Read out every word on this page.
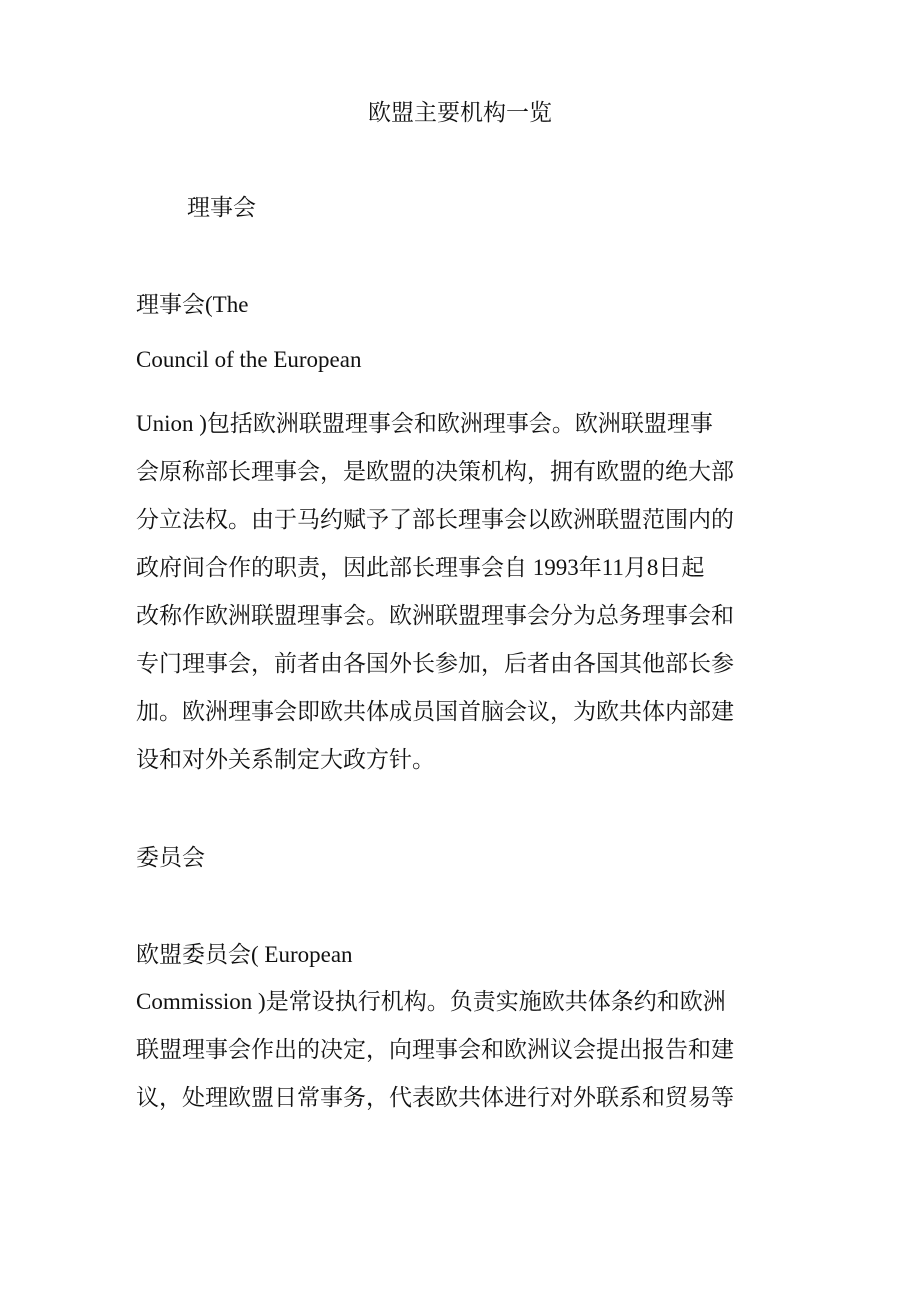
欧盟主要机构一览
理事会
理事会(The
Council of the European
Union )包括欧洲联盟理事会和欧洲理事会。欧洲联盟理事
会原称部长理事会，是欧盟的决策机构，拥有欧盟的绝大部
分立法权。由于马约赋予了部长理事会以欧洲联盟范围内的
政府间合作的职责，因此部长理事会自 1993年11月8日起
改称作欧洲联盟理事会。欧洲联盟理事会分为总务理事会和
专门理事会，前者由各国外长参加，后者由各国其他部长参
加。欧洲理事会即欧共体成员国首脑会议，为欧共体内部建
设和对外关系制定大政方针。
委员会
欧盟委员会( European
Commission )是常设执行机构。负责实施欧共体条约和欧洲
联盟理事会作出的决定，向理事会和欧洲议会提出报告和建
议，处理欧盟日常事务，代表欧共体进行对外联系和贸易等
